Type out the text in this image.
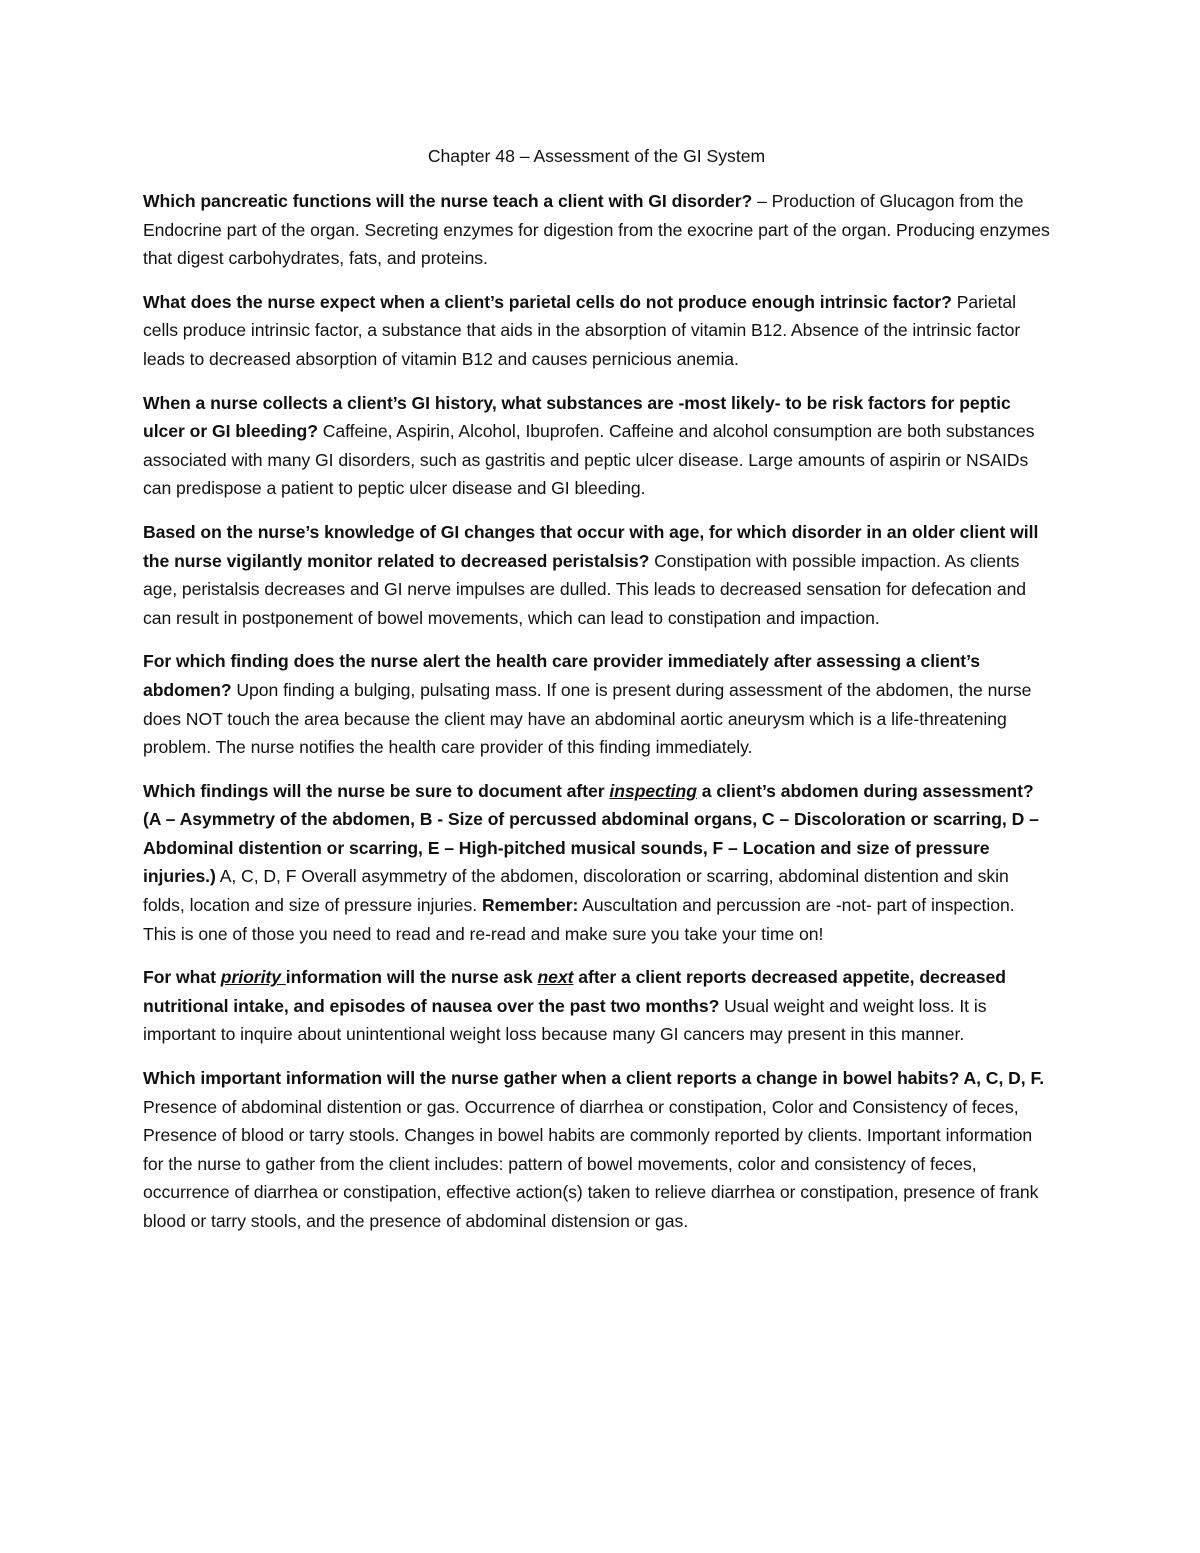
Chapter 48 – Assessment of the GI System

Which pancreatic functions will the nurse teach a client with GI disorder? – Production of Glucagon from the Endocrine part of the organ. Secreting enzymes for digestion from the exocrine part of the organ. Producing enzymes that digest carbohydrates, fats, and proteins.

What does the nurse expect when a client’s parietal cells do not produce enough intrinsic factor? Parietal cells produce intrinsic factor, a substance that aids in the absorption of vitamin B12. Absence of the intrinsic factor leads to decreased absorption of vitamin B12 and causes pernicious anemia.

When a nurse collects a client’s GI history, what substances are -most likely- to be risk factors for peptic ulcer or GI bleeding? Caffeine, Aspirin, Alcohol, Ibuprofen. Caffeine and alcohol consumption are both substances associated with many GI disorders, such as gastritis and peptic ulcer disease. Large amounts of aspirin or NSAIDs can predispose a patient to peptic ulcer disease and GI bleeding.

Based on the nurse’s knowledge of GI changes that occur with age, for which disorder in an older client will the nurse vigilantly monitor related to decreased peristalsis? Constipation with possible impaction. As clients age, peristalsis decreases and GI nerve impulses are dulled. This leads to decreased sensation for defecation and can result in postponement of bowel movements, which can lead to constipation and impaction.

For which finding does the nurse alert the health care provider immediately after assessing a client’s abdomen? Upon finding a bulging, pulsating mass. If one is present during assessment of the abdomen, the nurse does NOT touch the area because the client may have an abdominal aortic aneurysm which is a life-threatening problem. The nurse notifies the health care provider of this finding immediately.

Which findings will the nurse be sure to document after inspecting a client’s abdomen during assessment? (A – Asymmetry of the abdomen, B - Size of percussed abdominal organs, C – Discoloration or scarring, D – Abdominal distention or scarring, E – High-pitched musical sounds, F – Location and size of pressure injuries.) A, C, D, F Overall asymmetry of the abdomen, discoloration or scarring, abdominal distention and skin folds, location and size of pressure injuries. Remember: Auscultation and percussion are -not- part of inspection. This is one of those you need to read and re-read and make sure you take your time on!

For what priority information will the nurse ask next after a client reports decreased appetite, decreased nutritional intake, and episodes of nausea over the past two months? Usual weight and weight loss. It is important to inquire about unintentional weight loss because many GI cancers may present in this manner.

Which important information will the nurse gather when a client reports a change in bowel habits? A, C, D, F. Presence of abdominal distention or gas. Occurrence of diarrhea or constipation, Color and Consistency of feces, Presence of blood or tarry stools. Changes in bowel habits are commonly reported by clients. Important information for the nurse to gather from the client includes: pattern of bowel movements, color and consistency of feces, occurrence of diarrhea or constipation, effective action(s) taken to relieve diarrhea or constipation, presence of frank blood or tarry stools, and the presence of abdominal distension or gas.
